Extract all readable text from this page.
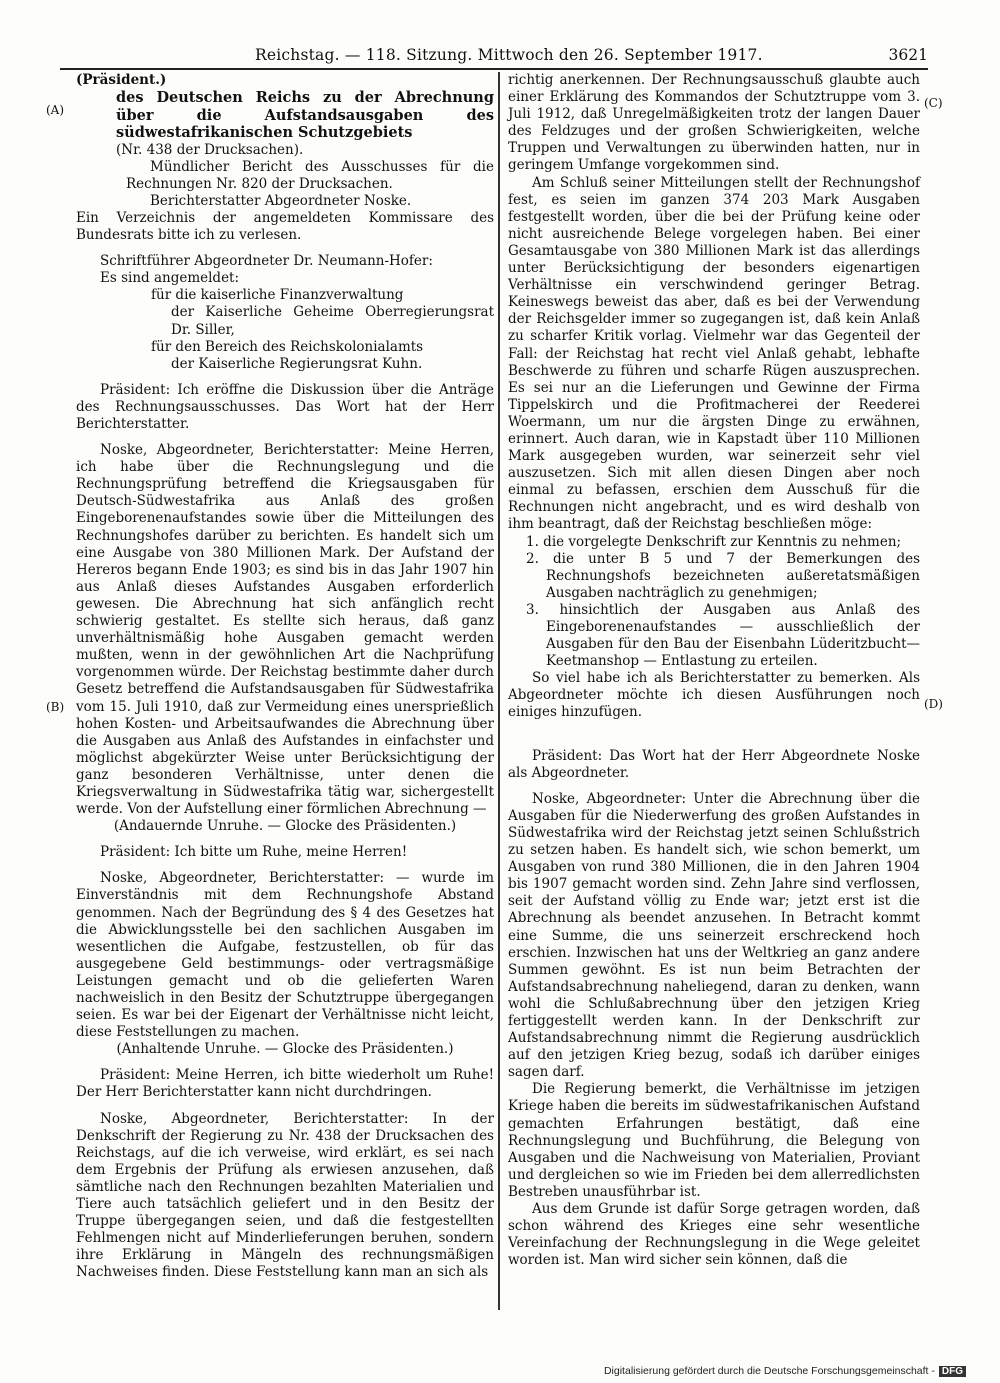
Reichstag. — 118. Sitzung. Mittwoch den 26. September 1917.	3621
(A)
(B)
(C)
(D)

(Präsident.)

des Deutschen Reichs zu der Abrechnung über die Aufstandsausgaben des südwestafrikanischen Schutzgebiets

(Nr. 438 der Drucksachen).

Mündlicher Bericht des Ausschusses für die Rechnungen Nr. 820 der Drucksachen.

Berichterstatter Abgeordneter Noske.

Ein Verzeichnis der angemeldeten Kommissare des Bundesrats bitte ich zu verlesen.

Schriftführer Abgeordneter Dr. Neumann-Hofer:

Es sind angemeldet:

für die kaiserliche Finanzverwaltung

der Kaiserliche Geheime Oberregierungsrat Dr. Siller,

für den Bereich des Reichskolonialamts

der Kaiserliche Regierungsrat Kuhn.

Präsident: Ich eröffne die Diskussion über die Anträge des Rechnungsausschusses. Das Wort hat der Herr Berichterstatter.

Noske, Abgeordneter, Berichterstatter: Meine Herren, ich habe über die Rechnungslegung und die Rechnungsprüfung betreffend die Kriegsausgaben für Deutsch-Südwestafrika aus Anlaß des großen Eingeborenenaufstandes sowie über die Mitteilungen des Rechnungshofes darüber zu berichten. Es handelt sich um eine Ausgabe von 380 Millionen Mark. Der Aufstand der Hereros begann Ende 1903; es sind bis in das Jahr 1907 hin aus Anlaß dieses Aufstandes Ausgaben erforderlich gewesen. Die Abrechnung hat sich anfänglich recht schwierig gestaltet. Es stellte sich heraus, daß ganz unverhältnismäßig hohe Ausgaben gemacht werden mußten, wenn in der gewöhnlichen Art die Nachprüfung vorgenommen würde. Der Reichstag bestimmte daher durch Gesetz betreffend die Aufstandsausgaben für Südwestafrika vom 15. Juli 1910, daß zur Vermeidung eines unersprießlich hohen Kosten- und Arbeitsaufwandes die Abrechnung über die Ausgaben aus Anlaß des Aufstandes in einfachster und möglichst abgekürzter Weise unter Berücksichtigung der ganz besonderen Verhältnisse, unter denen die Kriegsverwaltung in Südwestafrika tätig war, sichergestellt werde. Von der Aufstellung einer förmlichen Abrechnung —

(Andauernde Unruhe. — Glocke des Präsidenten.)

Präsident: Ich bitte um Ruhe, meine Herren!

Noske, Abgeordneter, Berichterstatter: — wurde im Einverständnis mit dem Rechnungshofe Abstand genommen. Nach der Begründung des § 4 des Gesetzes hat die Abwicklungsstelle bei den sachlichen Ausgaben im wesentlichen die Aufgabe, festzustellen, ob für das ausgegebene Geld bestimmungs- oder vertragsmäßige Leistungen gemacht und ob die gelieferten Waren nachweislich in den Besitz der Schutztruppe übergegangen seien. Es war bei der Eigenart der Verhältnisse nicht leicht, diese Feststellungen zu machen.

(Anhaltende Unruhe. — Glocke des Präsidenten.)

Präsident: Meine Herren, ich bitte wiederholt um Ruhe! Der Herr Berichterstatter kann nicht durchdringen.

Noske, Abgeordneter, Berichterstatter: In der Denkschrift der Regierung zu Nr. 438 der Drucksachen des Reichstags, auf die ich verweise, wird erklärt, es sei nach dem Ergebnis der Prüfung als erwiesen anzusehen, daß sämtliche nach den Rechnungen bezahlten Materialien und Tiere auch tatsächlich geliefert und in den Besitz der Truppe übergegangen seien, und daß die festgestellten Fehlmengen nicht auf Minderlieferungen beruhen, sondern ihre Erklärung in Mängeln des rechnungsmäßigen Nachweises finden. Diese Feststellung kann man an sich als

richtig anerkennen. Der Rechnungsausschuß glaubte auch einer Erklärung des Kommandos der Schutztruppe vom 3. Juli 1912, daß Unregelmäßigkeiten trotz der langen Dauer des Feldzuges und der großen Schwierigkeiten, welche Truppen und Verwaltungen zu überwinden hatten, nur in geringem Umfange vorgekommen sind.

Am Schluß seiner Mitteilungen stellt der Rechnungshof fest, es seien im ganzen 374 203 Mark Ausgaben festgestellt worden, über die bei der Prüfung keine oder nicht ausreichende Belege vorgelegen haben. Bei einer Gesamtausgabe von 380 Millionen Mark ist das allerdings unter Berücksichtigung der besonders eigenartigen Verhältnisse ein verschwindend geringer Betrag. Keineswegs beweist das aber, daß es bei der Verwendung der Reichsgelder immer so zugegangen ist, daß kein Anlaß zu scharfer Kritik vorlag. Vielmehr war das Gegenteil der Fall: der Reichstag hat recht viel Anlaß gehabt, lebhafte Beschwerde zu führen und scharfe Rügen auszusprechen. Es sei nur an die Lieferungen und Gewinne der Firma Tippelskirch und die Profitmacherei der Reederei Woermann, um nur die ärgsten Dinge zu erwähnen, erinnert. Auch daran, wie in Kapstadt über 110 Millionen Mark ausgegeben wurden, war seinerzeit sehr viel auszusetzen. Sich mit allen diesen Dingen aber noch einmal zu befassen, erschien dem Ausschuß für die Rechnungen nicht angebracht, und es wird deshalb von ihm beantragt, daß der Reichstag beschließen möge:

1. die vorgelegte Denkschrift zur Kenntnis zu nehmen;

2. die unter B 5 und 7 der Bemerkungen des Rechnungshofs bezeichneten außeretatsmäßigen Ausgaben nachträglich zu genehmigen;

3. hinsichtlich der Ausgaben aus Anlaß des Eingeborenenaufstandes — ausschließlich der Ausgaben für den Bau der Eisenbahn Lüderitzbucht—Keetmanshop — Entlastung zu erteilen.

So viel habe ich als Berichterstatter zu bemerken. Als Abgeordneter möchte ich diesen Ausführungen noch einiges hinzufügen.

Präsident: Das Wort hat der Herr Abgeordnete Noske als Abgeordneter.

Noske, Abgeordneter: Unter die Abrechnung über die Ausgaben für die Niederwerfung des großen Aufstandes in Südwestafrika wird der Reichstag jetzt seinen Schlußstrich zu setzen haben. Es handelt sich, wie schon bemerkt, um Ausgaben von rund 380 Millionen, die in den Jahren 1904 bis 1907 gemacht worden sind. Zehn Jahre sind verflossen, seit der Aufstand völlig zu Ende war; jetzt erst ist die Abrechnung als beendet anzusehen. In Betracht kommt eine Summe, die uns seinerzeit erschreckend hoch erschien. Inzwischen hat uns der Weltkrieg an ganz andere Summen gewöhnt. Es ist nun beim Betrachten der Aufstandsabrechnung naheliegend, daran zu denken, wann wohl die Schlußabrechnung über den jetzigen Krieg fertiggestellt werden kann. In der Denkschrift zur Aufstandsabrechnung nimmt die Regierung ausdrücklich auf den jetzigen Krieg bezug, sodaß ich darüber einiges sagen darf.

Die Regierung bemerkt, die Verhältnisse im jetzigen Kriege haben die bereits im südwestafrikanischen Aufstand gemachten Erfahrungen bestätigt, daß eine Rechnungslegung und Buchführung, die Belegung von Ausgaben und die Nachweisung von Materialien, Proviant und dergleichen so wie im Frieden bei dem allerredlichsten Bestreben unausführbar ist.

Aus dem Grunde ist dafür Sorge getragen worden, daß schon während des Krieges eine sehr wesentliche Vereinfachung der Rechnungslegung in die Wege geleitet worden ist. Man wird sicher sein können, daß die

Digitalisierung gefördert durch die Deutsche Forschungsgemeinschaft - DFG
